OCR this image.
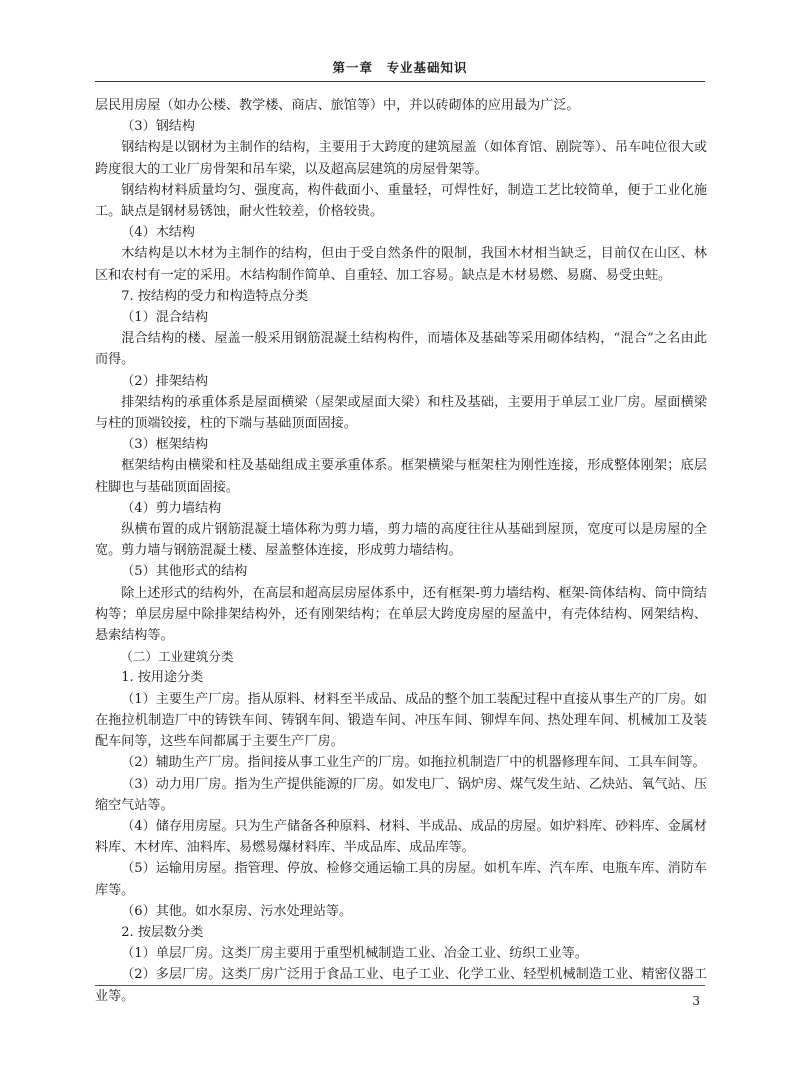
第一章　专业基础知识

层民用房屋（如办公楼、教学楼、商店、旅馆等）中，并以砖砌体的应用最为广泛。

（3）钢结构

钢结构是以钢材为主制作的结构，主要用于大跨度的建筑屋盖（如体育馆、剧院等）、吊车吨位很大或跨度很大的工业厂房骨架和吊车梁，以及超高层建筑的房屋骨架等。

钢结构材料质量均匀、强度高，构件截面小、重量轻，可焊性好，制造工艺比较简单，便于工业化施工。缺点是钢材易锈蚀，耐火性较差，价格较贵。

（4）木结构

木结构是以木材为主制作的结构，但由于受自然条件的限制，我国木材相当缺乏，目前仅在山区、林区和农村有一定的采用。木结构制作简单、自重轻、加工容易。缺点是木材易燃、易腐、易受虫蛀。

7. 按结构的受力和构造特点分类

（1）混合结构

混合结构的楼、屋盖一般采用钢筋混凝土结构构件，而墙体及基础等采用砌体结构，“混合”之名由此而得。

（2）排架结构

排架结构的承重体系是屋面横梁（屋架或屋面大梁）和柱及基础，主要用于单层工业厂房。屋面横梁与柱的顶端铰接，柱的下端与基础顶面固接。

（3）框架结构

框架结构由横梁和柱及基础组成主要承重体系。框架横梁与框架柱为刚性连接，形成整体刚架；底层柱脚也与基础顶面固接。

（4）剪力墙结构

纵横布置的成片钢筋混凝土墙体称为剪力墙，剪力墙的高度往往从基础到屋顶，宽度可以是房屋的全宽。剪力墙与钢筋混凝土楼、屋盖整体连接，形成剪力墙结构。

（5）其他形式的结构

除上述形式的结构外，在高层和超高层房屋体系中，还有框架-剪力墙结构、框架-筒体结构、筒中筒结构等；单层房屋中除排架结构外，还有刚架结构；在单层大跨度房屋的屋盖中，有壳体结构、网架结构、悬索结构等。

（二）工业建筑分类

1. 按用途分类

（1）主要生产厂房。指从原料、材料至半成品、成品的整个加工装配过程中直接从事生产的厂房。如在拖拉机制造厂中的铸铁车间、铸钢车间、锻造车间、冲压车间、铆焊车间、热处理车间、机械加工及装配车间等，这些车间都属于主要生产厂房。

（2）辅助生产厂房。指间接从事工业生产的厂房。如拖拉机制造厂中的机器修理车间、工具车间等。

（3）动力用厂房。指为生产提供能源的厂房。如发电厂、锅炉房、煤气发生站、乙炔站、氧气站、压缩空气站等。

（4）储存用房屋。只为生产储备各种原料、材料、半成品、成品的房屋。如炉料库、砂料库、金属材料库、木材库、油料库、易燃易爆材料库、半成品库、成品库等。

（5）运输用房屋。指管理、停放、检修交通运输工具的房屋。如机车库、汽车库、电瓶车库、消防车库等。

（6）其他。如水泵房、污水处理站等。

2. 按层数分类

（1）单层厂房。这类厂房主要用于重型机械制造工业、冶金工业、纺织工业等。

（2）多层厂房。这类厂房广泛用于食品工业、电子工业、化学工业、轻型机械制造工业、精密仪器工业等。	3
